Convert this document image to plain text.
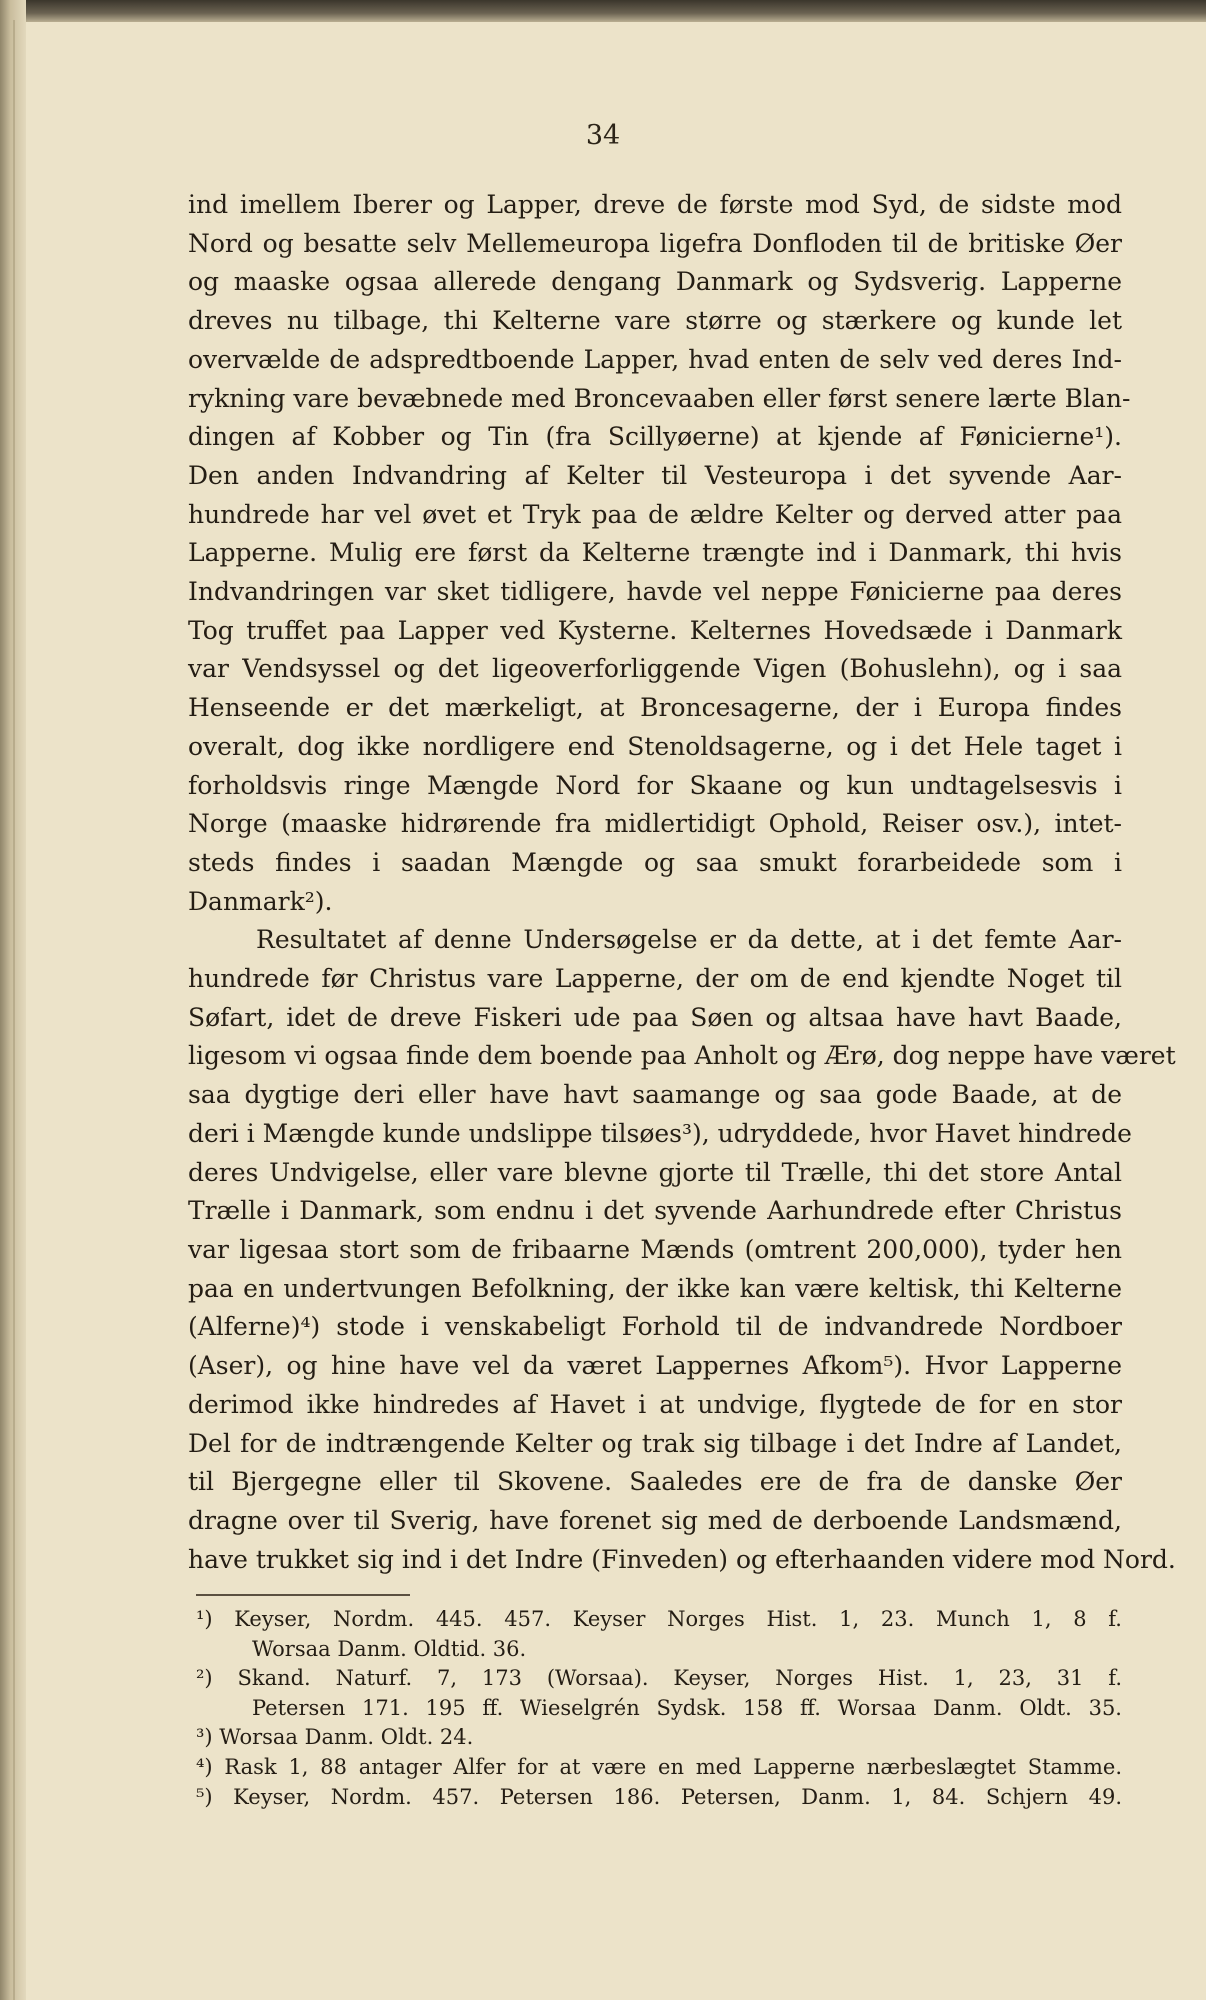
34
ind imellem Iberer og Lapper, dreve de første mod Syd, de sidste mod
Nord og besatte selv Mellemeuropa ligefra Donfloden til de britiske Øer
og maaske ogsaa allerede dengang Danmark og Sydsverig. Lapperne
dreves nu tilbage, thi Kelterne vare større og stærkere og kunde let
overvælde de adspredtboende Lapper, hvad enten de selv ved deres Ind-
rykning vare bevæbnede med Broncevaaben eller først senere lærte Blan-
dingen af Kobber og Tin (fra Scillyøerne) at kjende af Fønicierne¹).
Den anden Indvandring af Kelter til Vesteuropa i det syvende Aar-
hundrede har vel øvet et Tryk paa de ældre Kelter og derved atter paa
Lapperne. Mulig ere først da Kelterne trængte ind i Danmark, thi hvis
Indvandringen var sket tidligere, havde vel neppe Fønicierne paa deres
Tog truffet paa Lapper ved Kysterne. Kelternes Hovedsæde i Danmark
var Vendsyssel og det ligeoverforliggende Vigen (Bohuslehn), og i saa
Henseende er det mærkeligt, at Broncesagerne, der i Europa findes
overalt, dog ikke nordligere end Stenoldsagerne, og i det Hele taget i
forholdsvis ringe Mængde Nord for Skaane og kun undtagelsesvis i
Norge (maaske hidrørende fra midlertidigt Ophold, Reiser osv.), intet-
steds findes i saadan Mængde og saa smukt forarbeidede som i
Danmark²).
Resultatet af denne Undersøgelse er da dette, at i det femte Aar-
hundrede før Christus vare Lapperne, der om de end kjendte Noget til
Søfart, idet de dreve Fiskeri ude paa Søen og altsaa have havt Baade,
ligesom vi ogsaa finde dem boende paa Anholt og Ærø, dog neppe have været
saa dygtige deri eller have havt saamange og saa gode Baade, at de
deri i Mængde kunde undslippe tilsøes³), udryddede, hvor Havet hindrede
deres Undvigelse, eller vare blevne gjorte til Trælle, thi det store Antal
Trælle i Danmark, som endnu i det syvende Aarhundrede efter Christus
var ligesaa stort som de fribaarne Mænds (omtrent 200,000), tyder hen
paa en undertvungen Befolkning, der ikke kan være keltisk, thi Kelterne
(Alferne)⁴) stode i venskabeligt Forhold til de indvandrede Nordboer
(Aser), og hine have vel da været Lappernes Afkom⁵). Hvor Lapperne
derimod ikke hindredes af Havet i at undvige, flygtede de for en stor
Del for de indtrængende Kelter og trak sig tilbage i det Indre af Landet,
til Bjergegne eller til Skovene. Saaledes ere de fra de danske Øer
dragne over til Sverig, have forenet sig med de derboende Landsmænd,
have trukket sig ind i det Indre (Finveden) og efterhaanden videre mod Nord.
¹) Keyser, Nordm. 445. 457. Keyser Norges Hist. 1, 23. Munch 1, 8 f.
Worsaa Danm. Oldtid. 36.
²) Skand. Naturf. 7, 173 (Worsaa). Keyser, Norges Hist. 1, 23, 31 f.
Petersen 171. 195 ff. Wieselgrén Sydsk. 158 ff. Worsaa Danm. Oldt. 35.
³) Worsaa Danm. Oldt. 24.
⁴) Rask 1, 88 antager Alfer for at være en med Lapperne nærbeslægtet Stamme.
⁵) Keyser, Nordm. 457. Petersen 186. Petersen, Danm. 1, 84. Schjern 49.
